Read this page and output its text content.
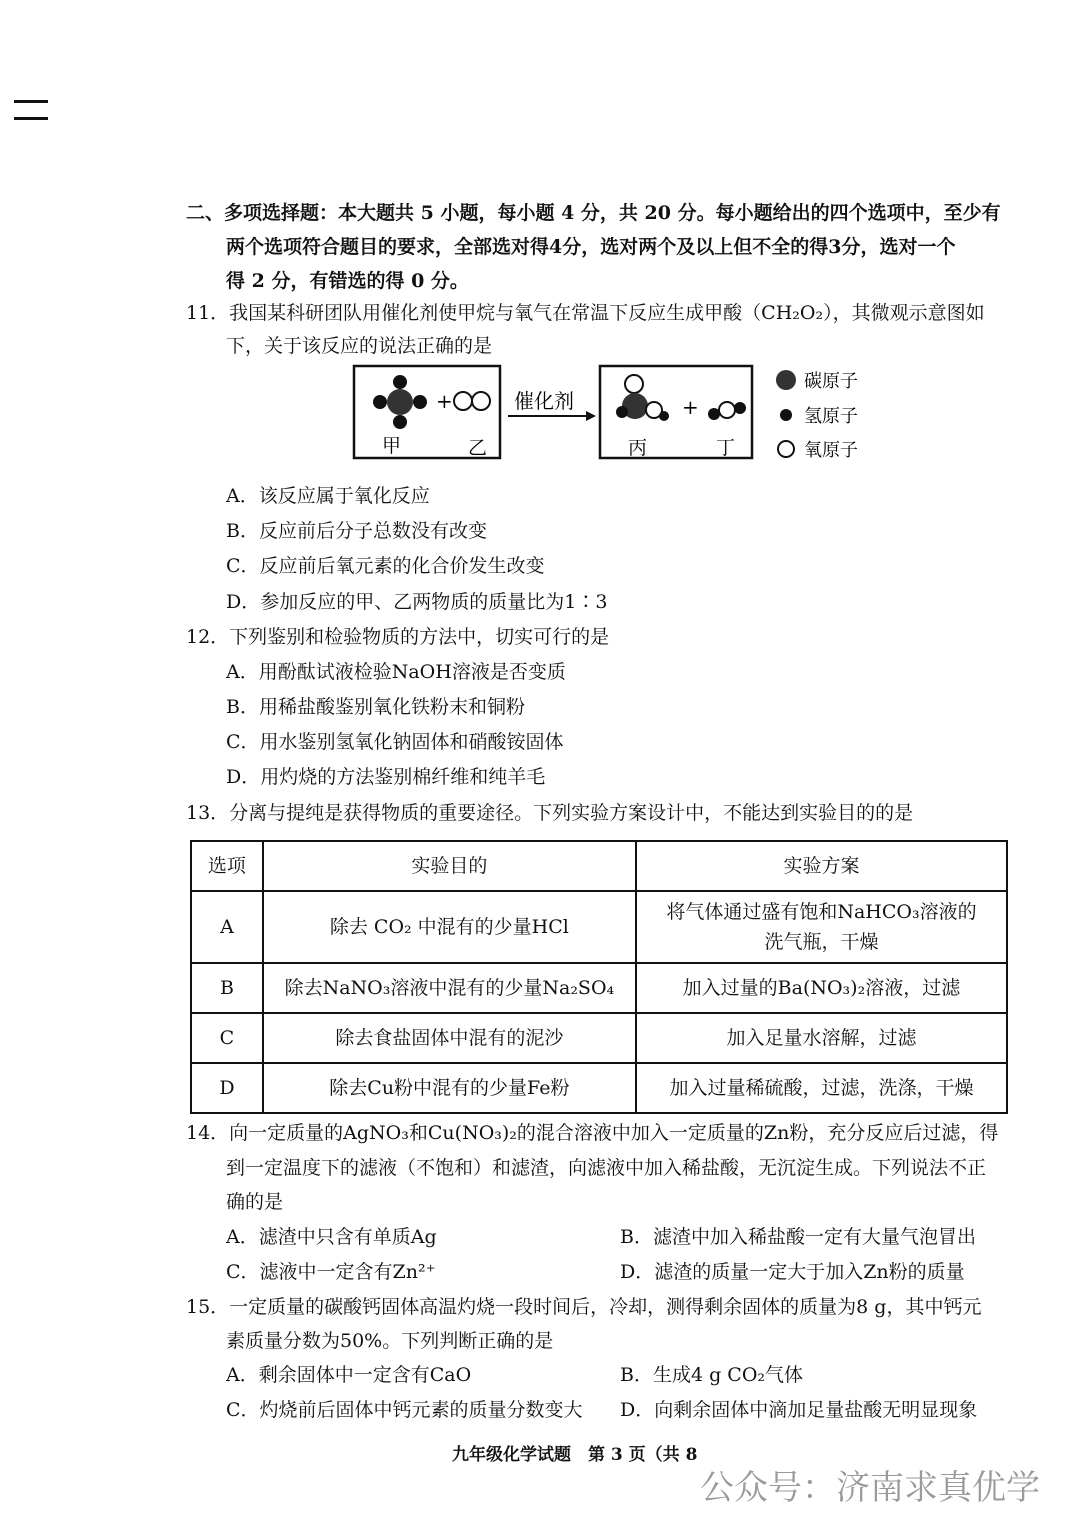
二、多项选择题：本大题共 5 小题，每小题 4 分，共 20 分。每小题给出的四个选项中，至少有
两个选项符合题目的要求，全部选对得4分，选对两个及以上但不全的得3分，选对一个
得 2 分，有错选的得 0 分。
11．我国某科研团队用催化剂使甲烷与氧气在常温下反应生成甲酸（CH₂O₂），其微观示意图如
下，关于该反应的说法正确的是
+
甲	乙
催化剂	+
丙	丁
碳原子
氢原子
氧原子
A．该反应属于氧化反应
B．反应前后分子总数没有改变
C．反应前后氧元素的化合价发生改变
D．参加反应的甲、乙两物质的质量比为1∶3
12．下列鉴别和检验物质的方法中，切实可行的是
A．用酚酞试液检验NaOH溶液是否变质
B．用稀盐酸鉴别氧化铁粉末和铜粉
C．用水鉴别氢氧化钠固体和硝酸铵固体
D．用灼烧的方法鉴别棉纤维和纯羊毛
13．分离与提纯是获得物质的重要途径。下列实验方案设计中，不能达到实验目的的是
选项	实验目的	实验方案
A	除去 CO₂ 中混有的少量HCl	将气体通过盛有饱和NaHCO₃溶液的
洗气瓶，干燥

B	除去NaNO₃溶液中混有的少量Na₂SO₄	加入过量的Ba(NO₃)₂溶液，过滤
C	除去食盐固体中混有的泥沙	加入足量水溶解，过滤
D	除去Cu粉中混有的少量Fe粉	加入过量稀硫酸，过滤，洗涤，干燥
14．向一定质量的AgNO₃和Cu(NO₃)₂的混合溶液中加入一定质量的Zn粉，充分反应后过滤，得
到一定温度下的滤液（不饱和）和滤渣，向滤液中加入稀盐酸，无沉淀生成。下列说法不正
确的是
A．滤渣中只含有单质Ag	B．滤渣中加入稀盐酸一定有大量气泡冒出
C．滤液中一定含有Zn²⁺	D．滤渣的质量一定大于加入Zn粉的质量
15．一定质量的碳酸钙固体高温灼烧一段时间后，冷却，测得剩余固体的质量为8 g，其中钙元
素质量分数为50%。下列判断正确的是
A．剩余固体中一定含有CaO	B．生成4 g CO₂气体
C．灼烧前后固体中钙元素的质量分数变大 D．向剩余固体中滴加足量盐酸无明显现象
九年级化学试题　第 3 页（共 8
公众号：济南求真优学
